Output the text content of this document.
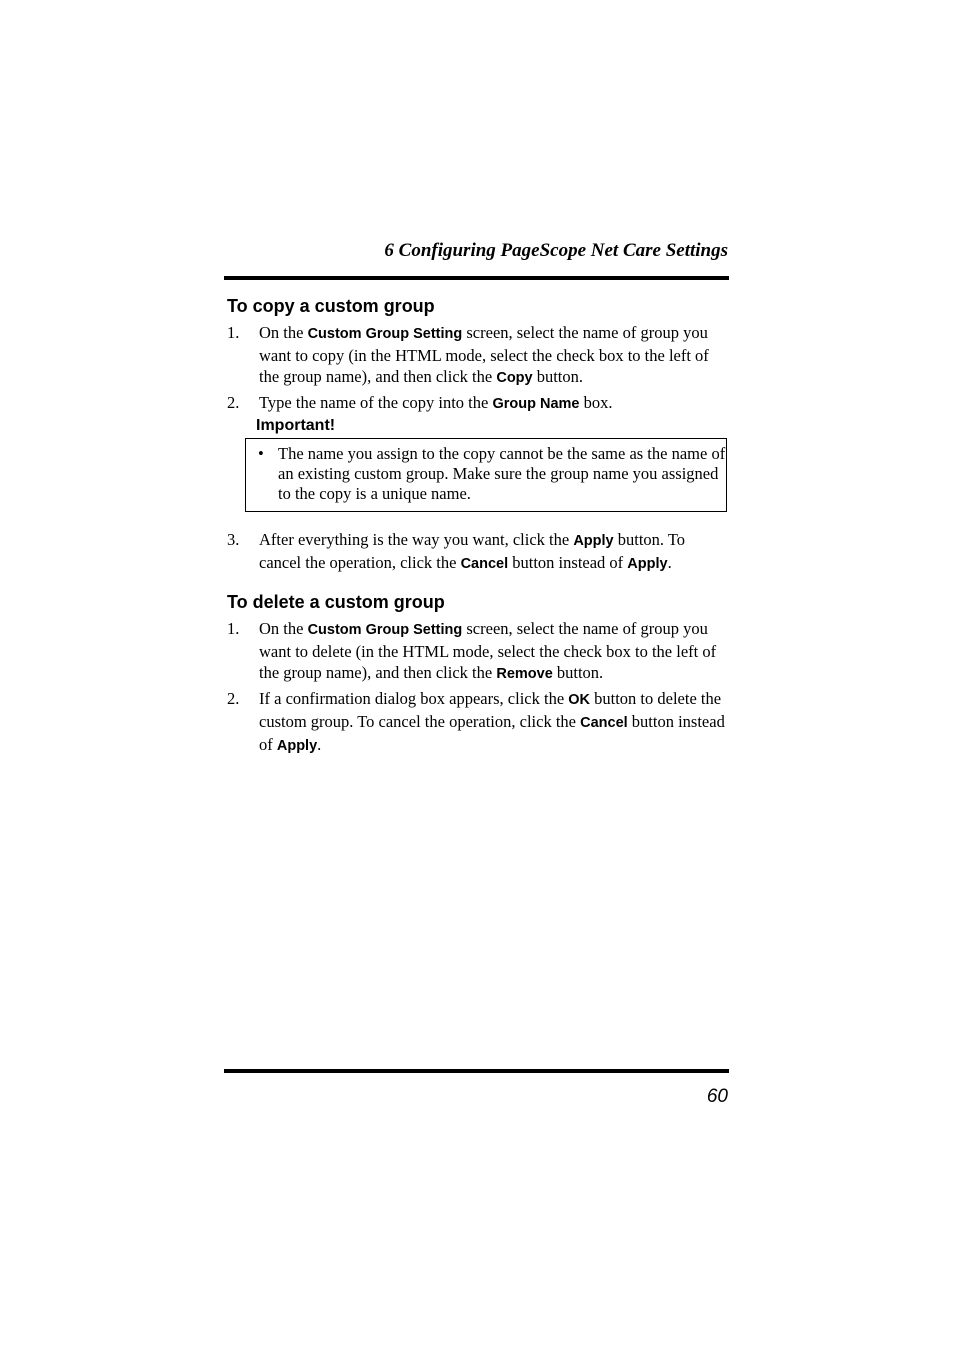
6 Configuring PageScope Net Care Settings
To copy a custom group
1. On the Custom Group Setting screen, select the name of group you want to copy (in the HTML mode, select the check box to the left of the group name), and then click the Copy button.
2. Type the name of the copy into the Group Name box.
Important!
• The name you assign to the copy cannot be the same as the name of an existing custom group. Make sure the group name you assigned to the copy is a unique name.
3. After everything is the way you want, click the Apply button. To cancel the operation, click the Cancel button instead of Apply.
To delete a custom group
1. On the Custom Group Setting screen, select the name of group you want to delete (in the HTML mode, select the check box to the left of the group name), and then click the Remove button.
2. If a confirmation dialog box appears, click the OK button to delete the custom group. To cancel the operation, click the Cancel button instead of Apply.
60
